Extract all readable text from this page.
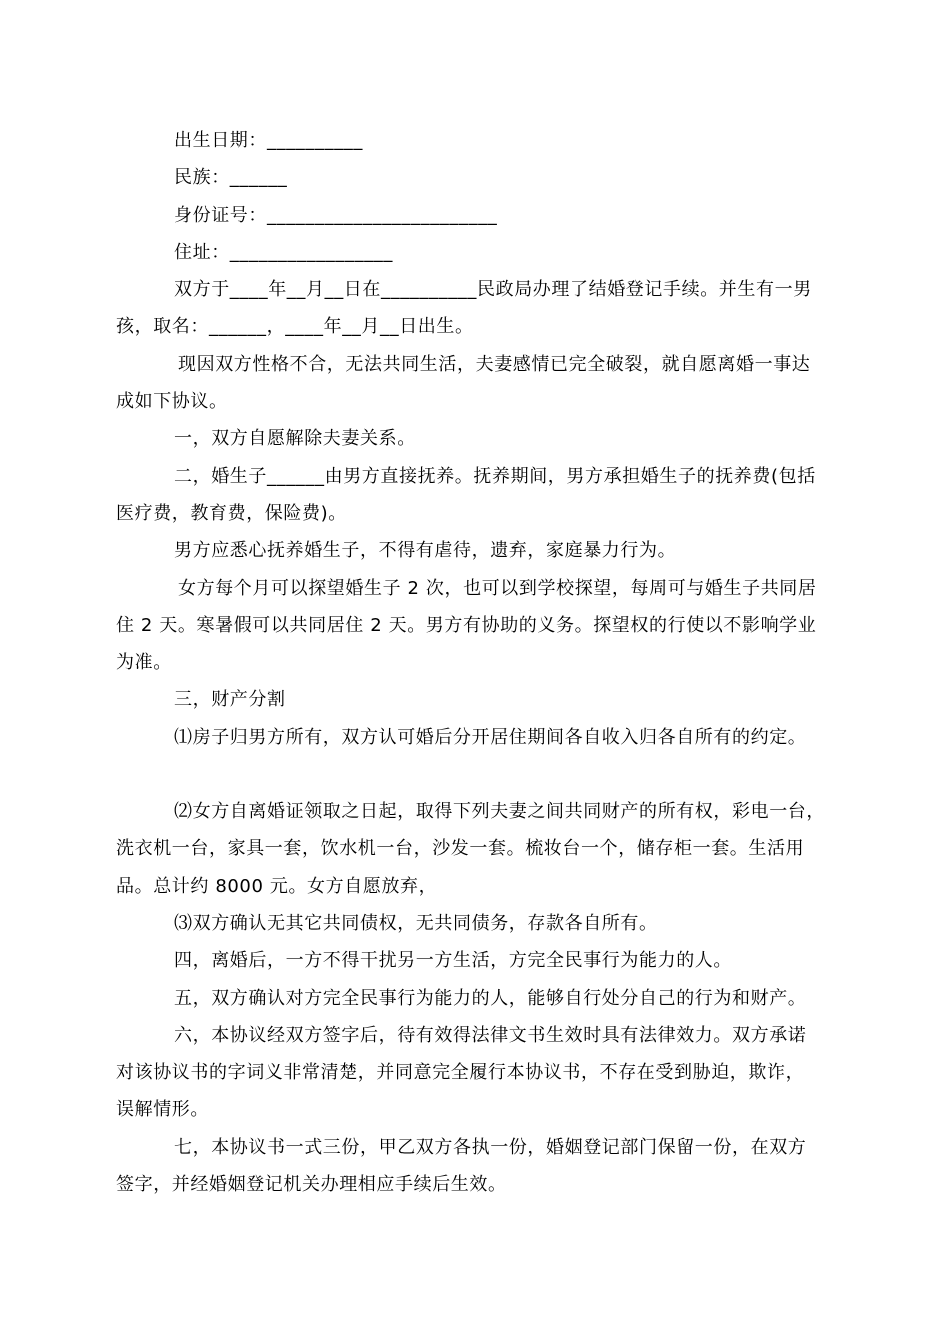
出生日期：__________
民族：______
身份证号：________________________
住址：_________________
双方于____年__月__日在__________民政局办理了结婚登记手续。并生有一男
孩，取名：______，____年__月__日出生。
现因双方性格不合，无法共同生活，夫妻感情已完全破裂，就自愿离婚一事达
成如下协议。
一，双方自愿解除夫妻关系。
二，婚生子______由男方直接抚养。抚养期间，男方承担婚生子的抚养费(包括
医疗费，教育费，保险费)。
男方应悉心抚养婚生子，不得有虐待，遗弃，家庭暴力行为。
女方每个月可以探望婚生子 2 次，也可以到学校探望，每周可与婚生子共同居
住 2 天。寒暑假可以共同居住 2 天。男方有协助的义务。探望权的行使以不影响学业
为准。
三，财产分割
⑴房子归男方所有，双方认可婚后分开居住期间各自收入归各自所有的约定。
⑵女方自离婚证领取之日起，取得下列夫妻之间共同财产的所有权，彩电一台，
洗衣机一台，家具一套，饮水机一台，沙发一套。梳妆台一个，储存柜一套。生活用
品。总计约 8000 元。女方自愿放弃，
⑶双方确认无其它共同债权，无共同债务，存款各自所有。
四，离婚后，一方不得干扰另一方生活，方完全民事行为能力的人。
五，双方确认对方完全民事行为能力的人，能够自行处分自己的行为和财产。
六，本协议经双方签字后，待有效得法律文书生效时具有法律效力。双方承诺
对该协议书的字词义非常清楚，并同意完全履行本协议书，不存在受到胁迫，欺诈，
误解情形。
七，本协议书一式三份，甲乙双方各执一份，婚姻登记部门保留一份，在双方
签字，并经婚姻登记机关办理相应手续后生效。
